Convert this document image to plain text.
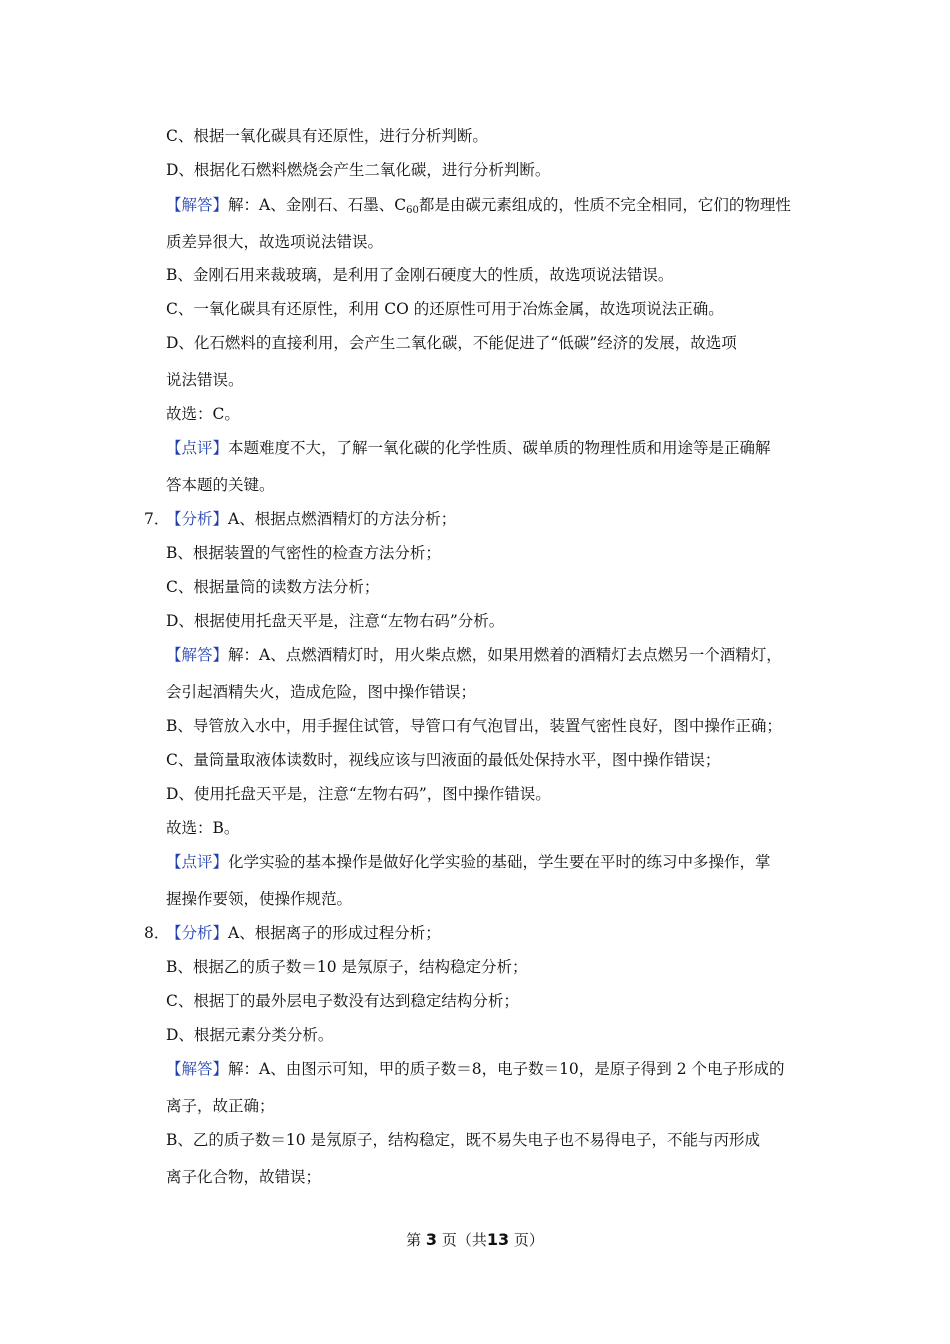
C、根据一氧化碳具有还原性，进行分析判断。
D、根据化石燃料燃烧会产生二氧化碳，进行分析判断。
【解答】解：A、金刚石、石墨、$C_{60}$都是由碳元素组成的，性质不完全相同，它们的物理性
质差异很大，故选项说法错误。
B、金刚石用来裁玻璃，是利用了金刚石硬度大的性质，故选项说法错误。
C、一氧化碳具有还原性，利用 CO 的还原性可用于冶炼金属，故选项说法正确。
D、化石燃料的直接利用，会产生二氧化碳，不能促进了“低碳”经济的发展，故选项
说法错误。
故选：C。
【点评】本题难度不大，了解一氧化碳的化学性质、碳单质的物理性质和用途等是正确解
答本题的关键。
7．
【分析】A、根据点燃酒精灯的方法分析；
B、根据装置的气密性的检查方法分析；
C、根据量筒的读数方法分析；
D、根据使用托盘天平是，注意“左物右码”分析。
【解答】解：A、点燃酒精灯时，用火柴点燃，如果用燃着的酒精灯去点燃另一个酒精灯，
会引起酒精失火，造成危险，图中操作错误；
B、导管放入水中，用手握住试管，导管口有气泡冒出，装置气密性良好，图中操作正确；
C、量筒量取液体读数时，视线应该与凹液面的最低处保持水平，图中操作错误；
D、使用托盘天平是，注意“左物右码”，图中操作错误。
故选：B。
【点评】化学实验的基本操作是做好化学实验的基础，学生要在平时的练习中多操作，掌
握操作要领，使操作规范。
8．
【分析】A、根据离子的形成过程分析；
B、根据乙的质子数＝10 是氖原子，结构稳定分析；
C、根据丁的最外层电子数没有达到稳定结构分析；
D、根据元素分类分析。
【解答】解：A、由图示可知，甲的质子数＝8，电子数＝10，是原子得到 2 个电子形成的
离子，故正确；
B、乙的质子数＝10 是氖原子，结构稳定，既不易失电子也不易得电子，不能与丙形成
离子化合物，故错误；
第 3 页（共13 页）
